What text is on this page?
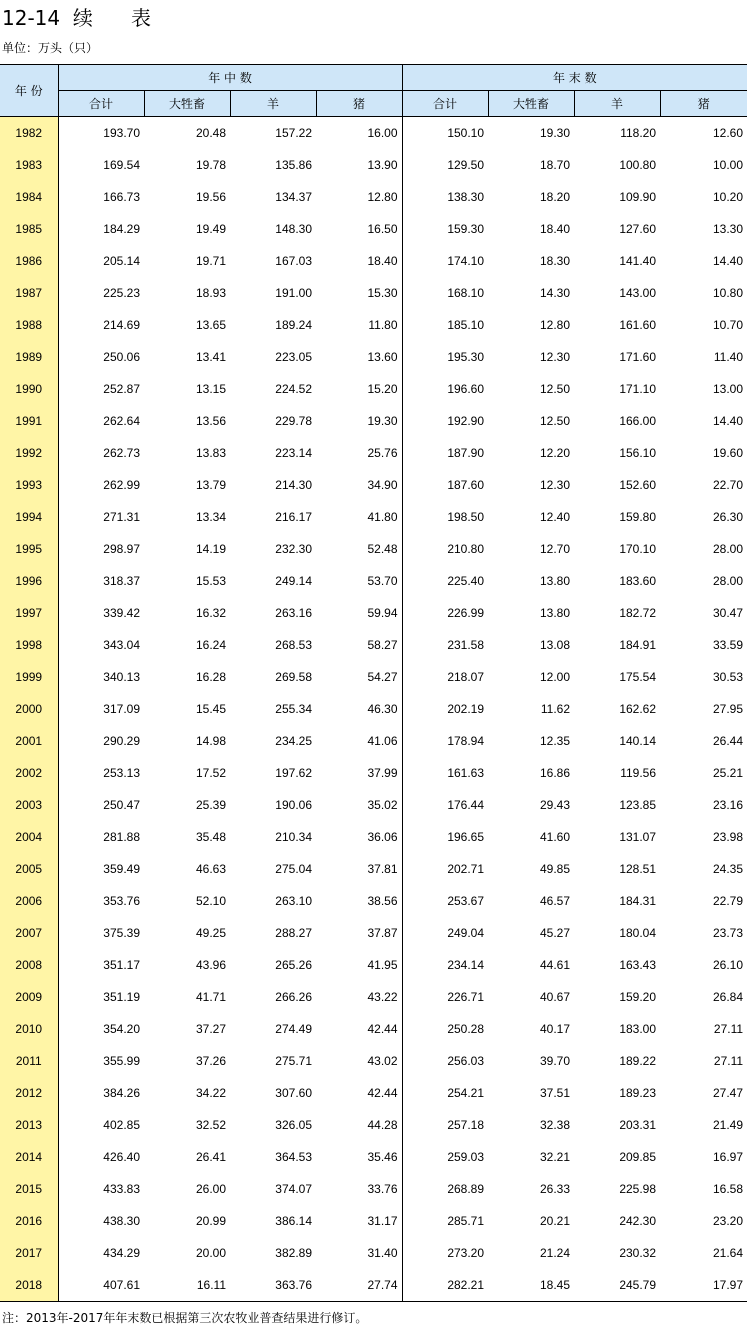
12-14  续      表
单位：万头（只）
年 份	年 中 数				年 末 数			
	合计	大牲畜	羊	猪	合计	大牲畜	羊	猪
1982	193.70	20.48	157.22	16.00	150.10	19.30	118.20	12.60
1983	169.54	19.78	135.86	13.90	129.50	18.70	100.80	10.00
1984	166.73	19.56	134.37	12.80	138.30	18.20	109.90	10.20
1985	184.29	19.49	148.30	16.50	159.30	18.40	127.60	13.30
1986	205.14	19.71	167.03	18.40	174.10	18.30	141.40	14.40
1987	225.23	18.93	191.00	15.30	168.10	14.30	143.00	10.80
1988	214.69	13.65	189.24	11.80	185.10	12.80	161.60	10.70
1989	250.06	13.41	223.05	13.60	195.30	12.30	171.60	11.40
1990	252.87	13.15	224.52	15.20	196.60	12.50	171.10	13.00
1991	262.64	13.56	229.78	19.30	192.90	12.50	166.00	14.40
1992	262.73	13.83	223.14	25.76	187.90	12.20	156.10	19.60
1993	262.99	13.79	214.30	34.90	187.60	12.30	152.60	22.70
1994	271.31	13.34	216.17	41.80	198.50	12.40	159.80	26.30
1995	298.97	14.19	232.30	52.48	210.80	12.70	170.10	28.00
1996	318.37	15.53	249.14	53.70	225.40	13.80	183.60	28.00
1997	339.42	16.32	263.16	59.94	226.99	13.80	182.72	30.47
1998	343.04	16.24	268.53	58.27	231.58	13.08	184.91	33.59
1999	340.13	16.28	269.58	54.27	218.07	12.00	175.54	30.53
2000	317.09	15.45	255.34	46.30	202.19	11.62	162.62	27.95
2001	290.29	14.98	234.25	41.06	178.94	12.35	140.14	26.44
2002	253.13	17.52	197.62	37.99	161.63	16.86	119.56	25.21
2003	250.47	25.39	190.06	35.02	176.44	29.43	123.85	23.16
2004	281.88	35.48	210.34	36.06	196.65	41.60	131.07	23.98
2005	359.49	46.63	275.04	37.81	202.71	49.85	128.51	24.35
2006	353.76	52.10	263.10	38.56	253.67	46.57	184.31	22.79
2007	375.39	49.25	288.27	37.87	249.04	45.27	180.04	23.73
2008	351.17	43.96	265.26	41.95	234.14	44.61	163.43	26.10
2009	351.19	41.71	266.26	43.22	226.71	40.67	159.20	26.84
2010	354.20	37.27	274.49	42.44	250.28	40.17	183.00	27.11
2011	355.99	37.26	275.71	43.02	256.03	39.70	189.22	27.11
2012	384.26	34.22	307.60	42.44	254.21	37.51	189.23	27.47
2013	402.85	32.52	326.05	44.28	257.18	32.38	203.31	21.49
2014	426.40	26.41	364.53	35.46	259.03	32.21	209.85	16.97
2015	433.83	26.00	374.07	33.76	268.89	26.33	225.98	16.58
2016	438.30	20.99	386.14	31.17	285.71	20.21	242.30	23.20
2017	434.29	20.00	382.89	31.40	273.20	21.24	230.32	21.64
2018	407.61	16.11	363.76	27.74	282.21	18.45	245.79	17.97
注：2013年-2017年年末数已根据第三次农牧业普查结果进行修订。
